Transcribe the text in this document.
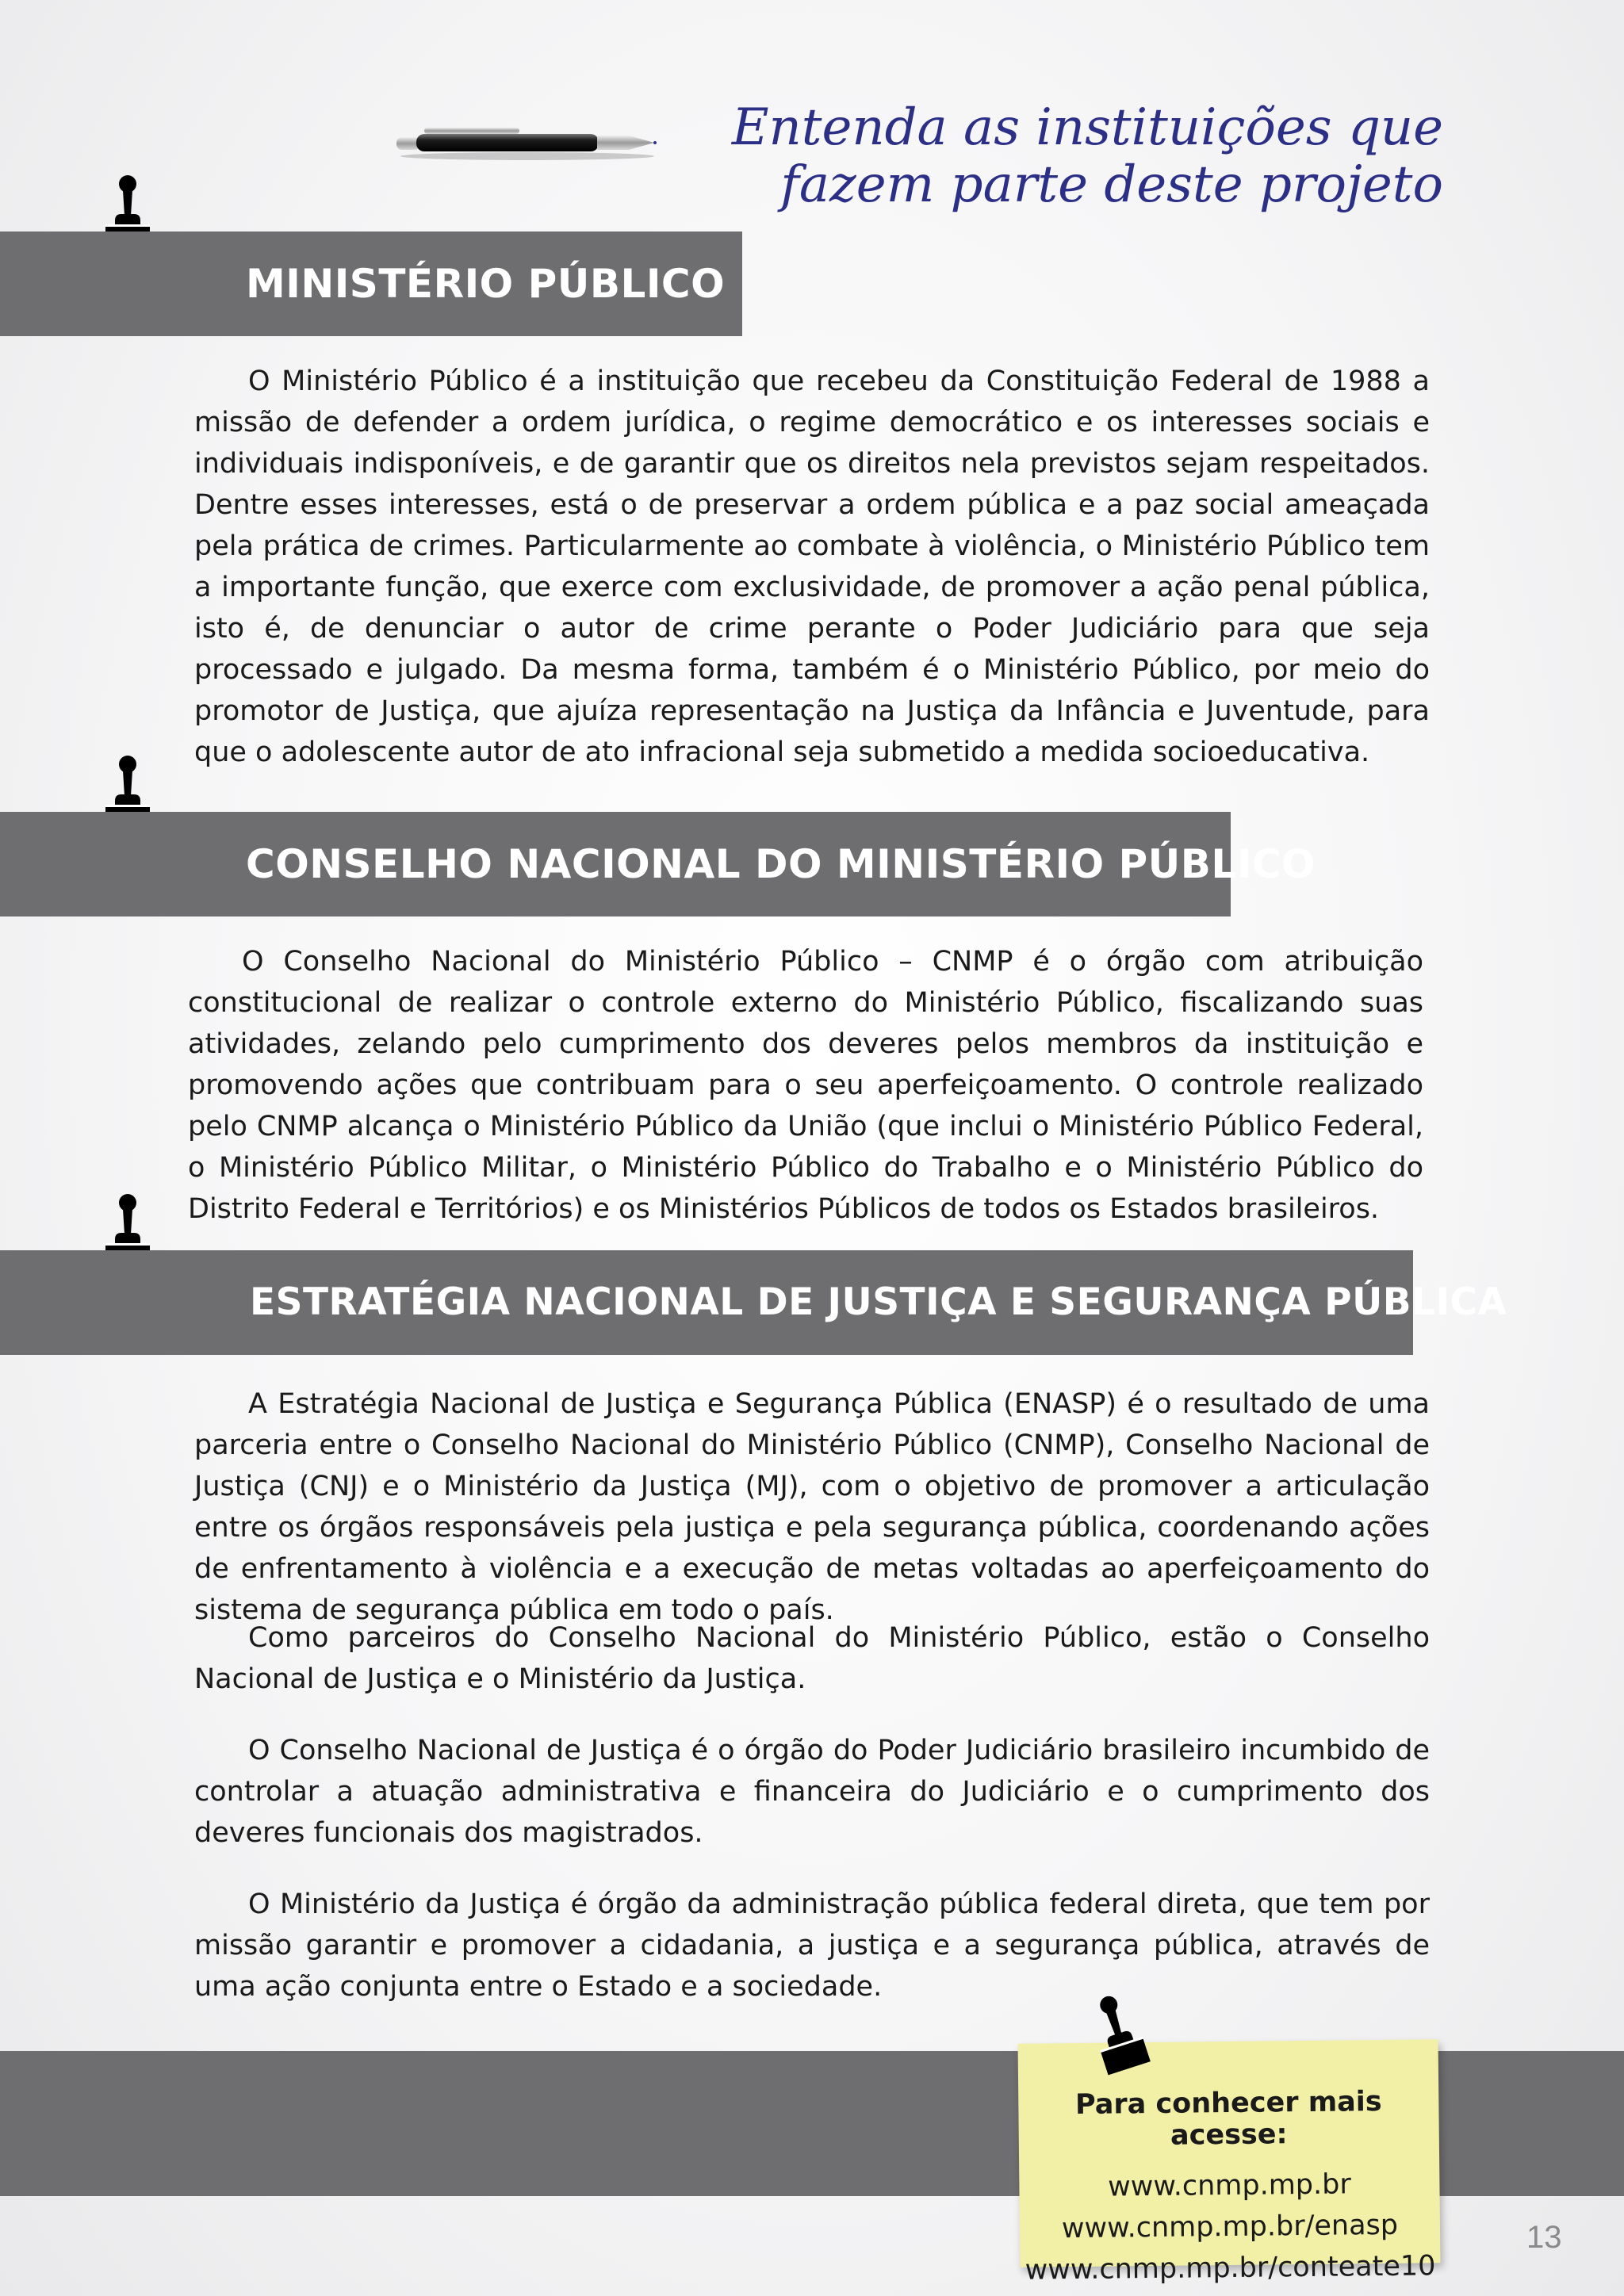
Entenda as instituições que
fazem parte deste projeto
MINISTÉRIO PÚBLICO

O Ministério Público é a instituição que recebeu da Constituição Federal de 1988 a missão de defender a ordem jurídica, o regime democrático e os interesses sociais e individuais indisponíveis, e de garantir que os direitos nela previstos sejam respeitados. Dentre esses interesses, está o de preservar a ordem pública e a paz social ameaçada pela prática de crimes. Particularmente ao combate à violência, o Ministério Público tem a importante função, que exerce com exclusividade, de promover a ação penal pública, isto é, de denunciar o autor de crime perante o Poder Judiciário para que seja processado e julgado. Da mesma forma, também é o Ministério Público, por meio do promotor de Justiça, que ajuíza representação na Justiça da Infância e Juventude, para que o adolescente autor de ato infracional seja submetido a medida socioeducativa.

CONSELHO NACIONAL DO MINISTÉRIO PÚBLICO

O Conselho Nacional do Ministério Público – CNMP é o órgão com atribuição constitucional de realizar o controle externo do Ministério Público, fiscalizando suas atividades, zelando pelo cumprimento dos deveres pelos membros da instituição e promovendo ações que contribuam para o seu aperfeiçoamento. O controle realizado pelo CNMP alcança o Ministério Público da União (que inclui o Ministério Público Federal, o Ministério Público Militar, o Ministério Público do Trabalho e o Ministério Público do Distrito Federal e Territórios) e os Ministérios Públicos de todos os Estados brasileiros.

ESTRATÉGIA NACIONAL DE JUSTIÇA E SEGURANÇA PÚBLICA

A Estratégia Nacional de Justiça e Segurança Pública (ENASP) é o resultado de uma parceria entre o Conselho Nacional do Ministério Público (CNMP), Conselho Nacional de Justiça (CNJ) e o Ministério da Justiça (MJ), com o objetivo de promover a articulação entre os órgãos responsáveis pela justiça e pela segurança pública, coordenando ações de enfrentamento à violência e a execução de metas voltadas ao aperfeiçoamento do sistema de segurança pública em todo o país.

Como parceiros do Conselho Nacional do Ministério Público, estão o Conselho Nacional de Justiça e o Ministério da Justiça.

O Conselho Nacional de Justiça é o órgão do Poder Judiciário brasileiro incumbido de controlar a atuação administrativa e financeira do Judiciário e o cumprimento dos deveres funcionais dos magistrados.

O Ministério da Justiça é órgão da administração pública federal direta, que tem por missão garantir e promover a cidadania, a justiça e a segurança pública, através de uma ação conjunta entre o Estado e a sociedade.

Para conhecer mais acesse:
www.cnmp.mp.br
www.cnmp.mp.br/enasp
www.cnmp.mp.br/conteate10
13
